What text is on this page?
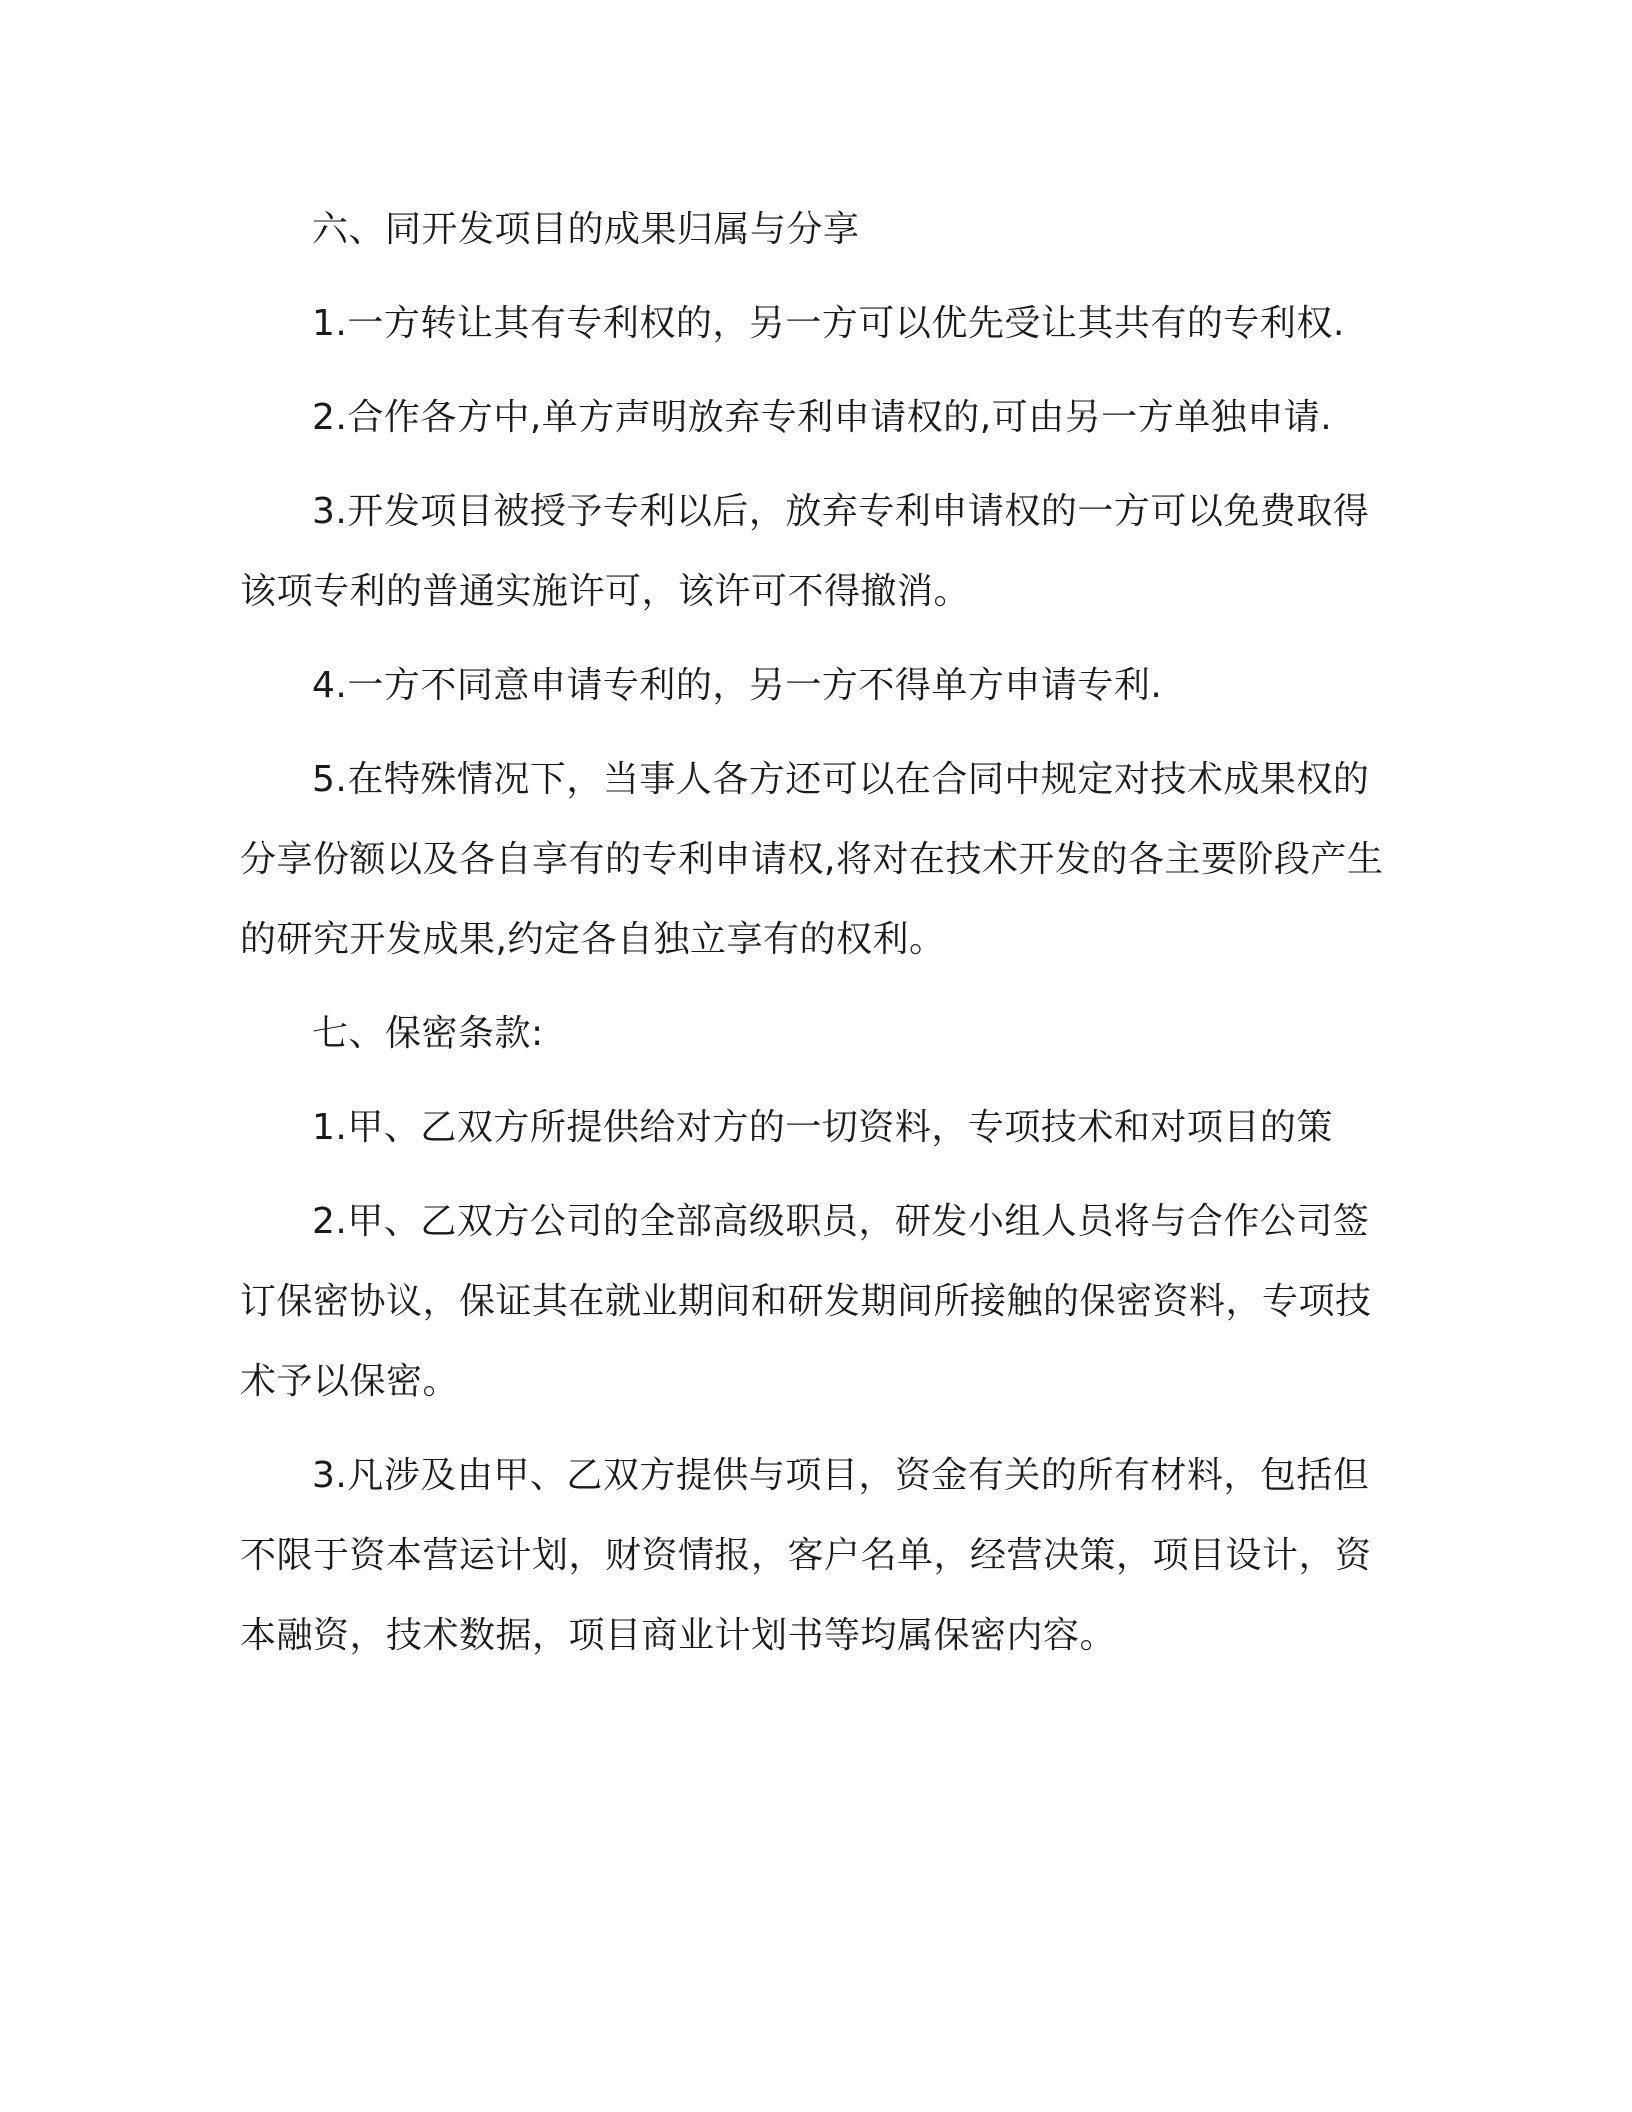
六、同开发项目的成果归属与分享

1.一方转让其有专利权的，另一方可以优先受让其共有的专利权.

2.合作各方中,单方声明放弃专利申请权的,可由另一方单独申请.

3.开发项目被授予专利以后，放弃专利申请权的一方可以免费取得该项专利的普通实施许可，该许可不得撤消。

4.一方不同意申请专利的，另一方不得单方申请专利.

5.在特殊情况下，当事人各方还可以在合同中规定对技术成果权的分享份额以及各自享有的专利申请权,将对在技术开发的各主要阶段产生的研究开发成果,约定各自独立享有的权利。

七、保密条款:

1.甲、乙双方所提供给对方的一切资料，专项技术和对项目的策

2.甲、乙双方公司的全部高级职员，研发小组人员将与合作公司签订保密协议，保证其在就业期间和研发期间所接触的保密资料，专项技术予以保密。

3.凡涉及由甲、乙双方提供与项目，资金有关的所有材料，包括但不限于资本营运计划，财资情报，客户名单，经营决策，项目设计，资本融资，技术数据，项目商业计划书等均属保密内容。
